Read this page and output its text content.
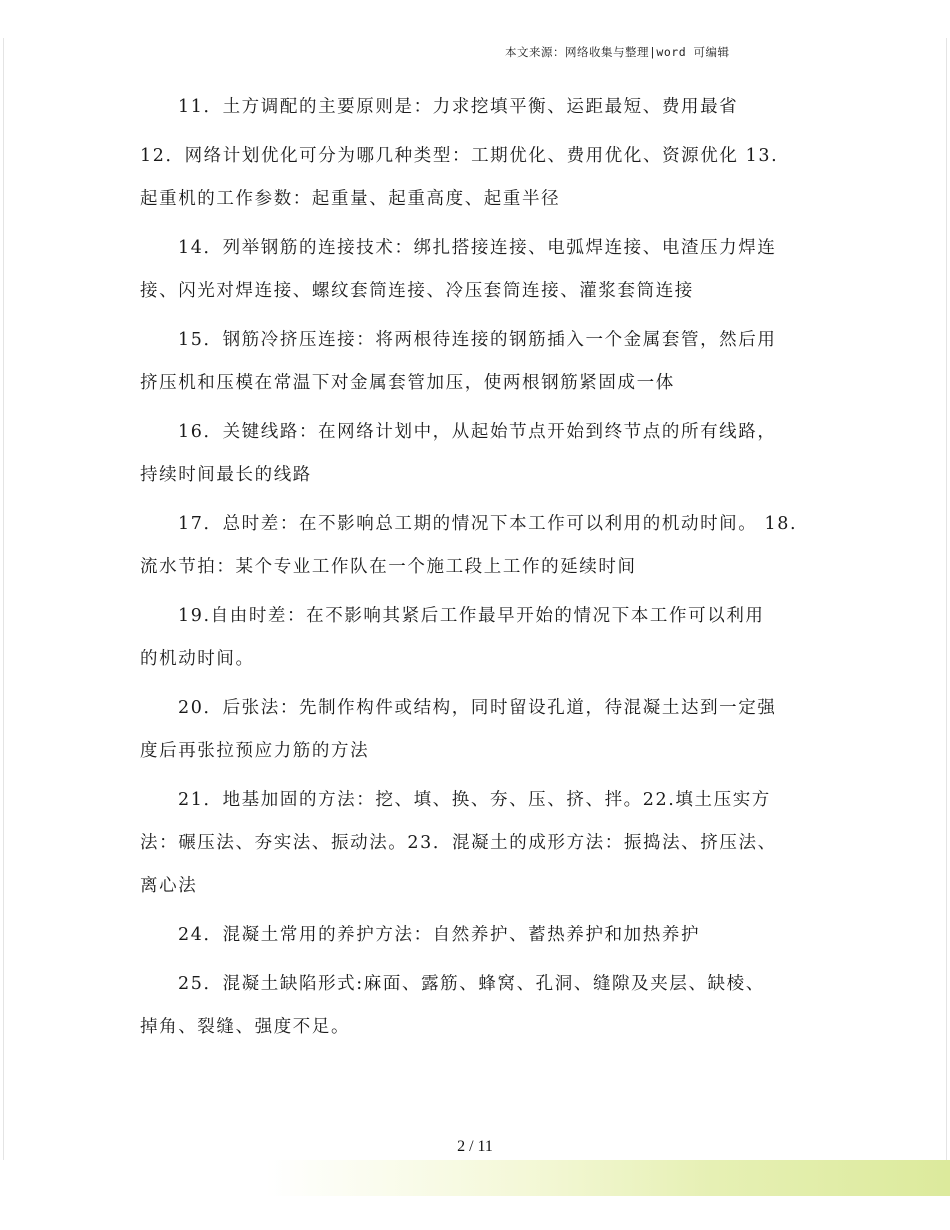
本文来源：网络收集与整理|word 可编辑
11．土方调配的主要原则是：力求挖填平衡、运距最短、费用最省
12．网络计划优化可分为哪几种类型：工期优化、费用优化、资源优化 13.
起重机的工作参数：起重量、起重高度、起重半径
14．列举钢筋的连接技术：绑扎搭接连接、电弧焊连接、电渣压力焊连
接、闪光对焊连接、螺纹套筒连接、冷压套筒连接、灌浆套筒连接
15．钢筋冷挤压连接：将两根待连接的钢筋插入一个金属套管，然后用
挤压机和压模在常温下对金属套管加压，使两根钢筋紧固成一体
16．关键线路：在网络计划中，从起始节点开始到终节点的所有线路，
持续时间最长的线路
17．总时差：在不影响总工期的情况下本工作可以利用的机动时间。 18.
流水节拍：某个专业工作队在一个施工段上工作的延续时间
19.自由时差：在不影响其紧后工作最早开始的情况下本工作可以利用
的机动时间。
20．后张法：先制作构件或结构，同时留设孔道，待混凝土达到一定强
度后再张拉预应力筋的方法
21．地基加固的方法：挖、填、换、夯、压、挤、拌。22.填土压实方
法：碾压法、夯实法、振动法。23．混凝土的成形方法：振捣法、挤压法、
离心法
24．混凝土常用的养护方法：自然养护、蓄热养护和加热养护
25．混凝土缺陷形式:麻面、露筋、蜂窝、孔洞、缝隙及夹层、缺棱、
掉角、裂缝、强度不足。
2 / 11
